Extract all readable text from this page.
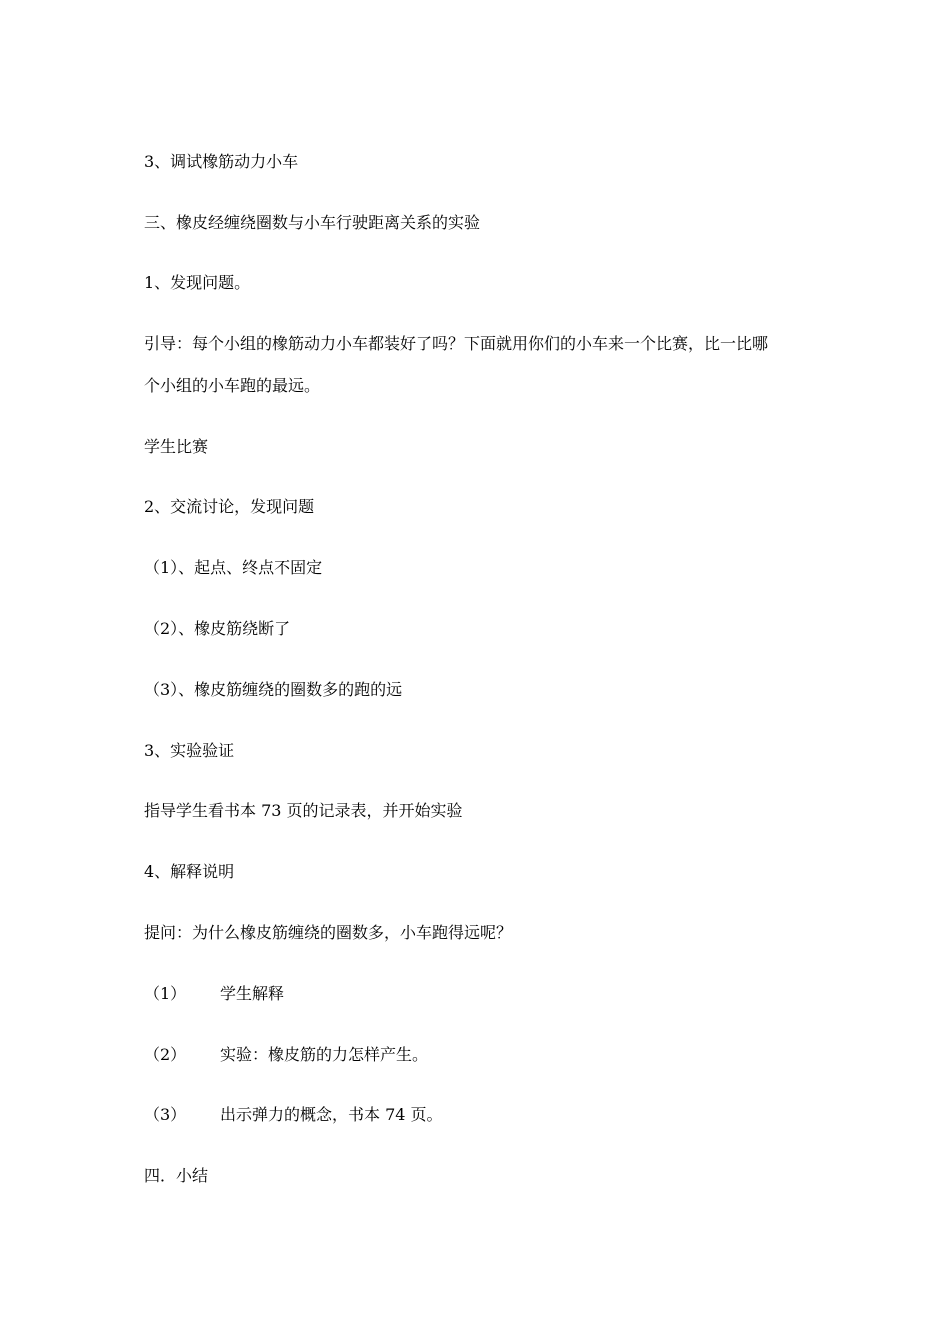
3、调试橡筋动力小车
三、橡皮经缠绕圈数与小车行驶距离关系的实验
1、发现问题。
引导：每个小组的橡筋动力小车都装好了吗？下面就用你们的小车来一个比赛，比一比哪
个小组的小车跑的最远。
学生比赛
2、交流讨论，发现问题
（1）、起点、终点不固定
（2）、橡皮筋绕断了
（3）、橡皮筋缠绕的圈数多的跑的远
3、实验验证
指导学生看书本 73 页的记录表，并开始实验
4、解释说明
提问：为什么橡皮筋缠绕的圈数多，小车跑得远呢？
（1） 学生解释
（2） 实验：橡皮筋的力怎样产生。
（3） 出示弹力的概念，书本 74 页。
四．小结
